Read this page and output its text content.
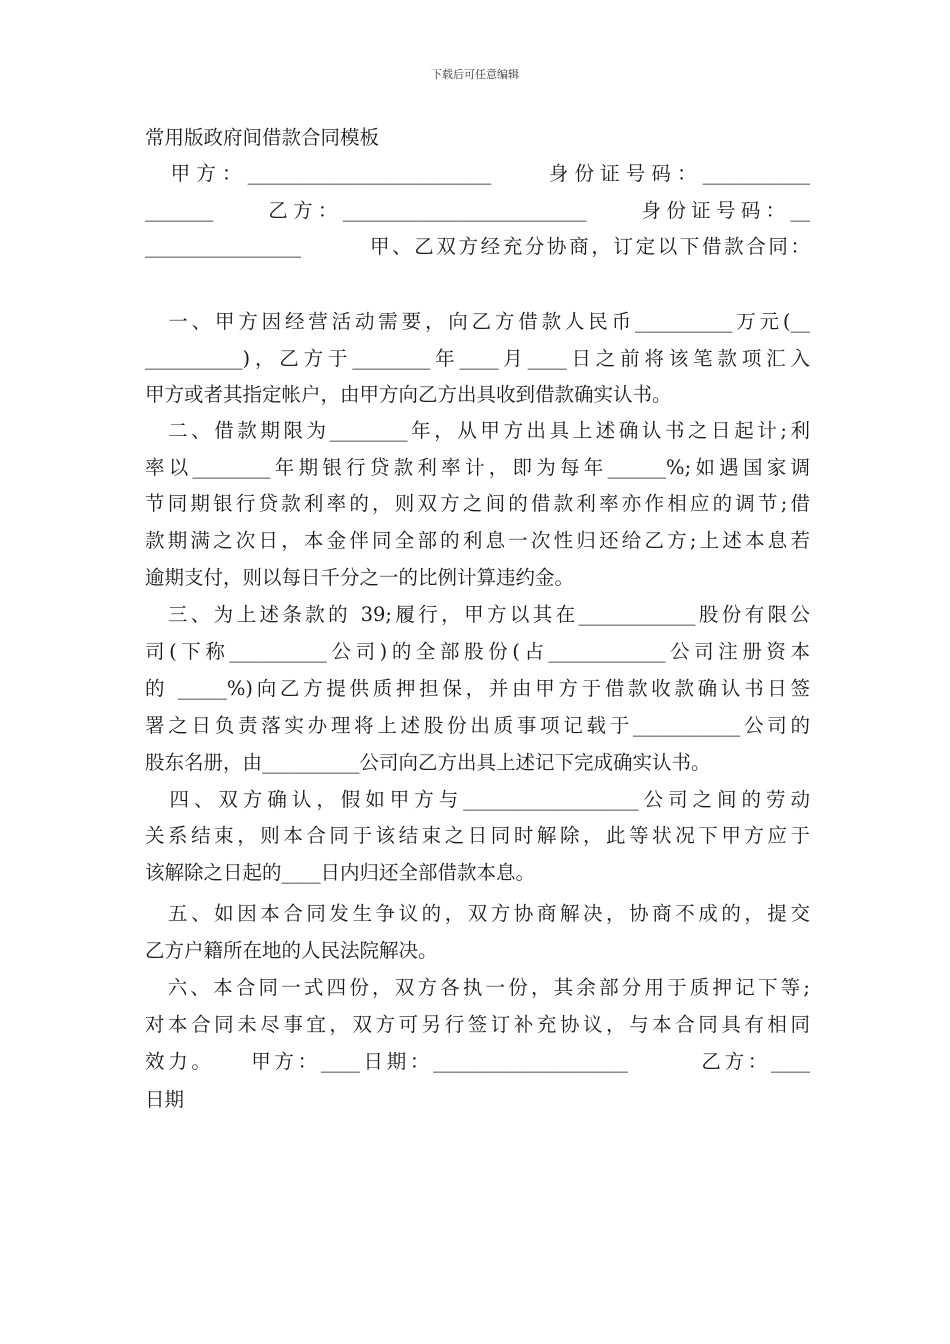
下载后可任意编辑
常用版政府间借款合同模板
　甲方：_________________________　　身份证号码：___________
_______　　乙方：_________________________　　身份证号码：__
________________　　　甲、乙双方经充分协商，订定以下借款合同：
　一、甲方因经营活动需要，向乙方借款人民币__________万元(__
__________)，乙方于________年____月____日之前将该笔款项汇入
甲方或者其指定帐户，由甲方向乙方出具收到借款确实认书。
　二、借款期限为________年，从甲方出具上述确认书之日起计;利
率以________年期银行贷款利率计，即为每年______%;如遇国家调
节同期银行贷款利率的，则双方之间的借款利率亦作相应的调节;借
款期满之次日，本金伴同全部的利息一次性归还给乙方;上述本息若
逾期支付，则以每日千分之一的比例计算违约金。
　三、为上述条款的 39;履行，甲方以其在____________股份有限公
司(下称__________公司)的全部股份(占____________公司注册资本
的 _____%)向乙方提供质押担保，并由甲方于借款收款确认书日签
署之日负责落实办理将上述股份出质事项记载于___________公司的
股东名册，由__________公司向乙方出具上述记下完成确实认书。
　四、双方确认，假如甲方与__________________公司之间的劳动
关系结束，则本合同于该结束之日同时解除，此等状况下甲方应于
该解除之日起的____日内归还全部借款本息。
　五、如因本合同发生争议的，双方协商解决，协商不成的，提交
乙方户籍所在地的人民法院解决。
　六、本合同一式四份，双方各执一份，其余部分用于质押记下等;
对本合同未尽事宜，双方可另行签订补充协议，与本合同具有相同
效力。　　甲方：____日期：____________________　　　乙方：____
日期
